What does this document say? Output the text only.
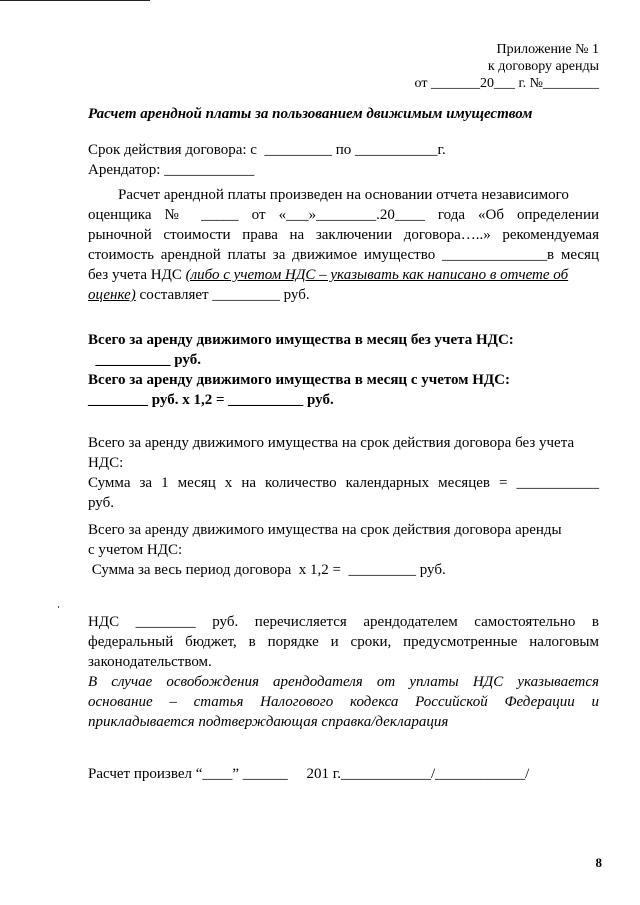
Приложение № 1
к договору аренды
от _______20___ г. №________
Расчет арендной платы за пользованием движимым имуществом
Срок действия договора: с  _________ по ___________г.
Арендатор: ____________
Расчет арендной платы произведен на основании отчета независимого
оценщика № _____ от «___»________.20____ года «Об определении
рыночной стоимости права на заключении договора…..» рекомендуемая
стоимость арендной платы за движимое имущество ______________в месяц
без учета НДС (либо с учетом НДС – указывать как написано в отчете об
оценке) составляет _________ руб.
Всего за аренду движимого имущества в месяц без учета НДС:
__________ руб.
Всего за аренду движимого имущества в месяц с учетом НДС:
________ руб. х 1,2 = __________ руб.
Всего за аренду движимого имущества на срок действия договора без учета
НДС:
Сумма за 1 месяц х на количество календарных месяцев = ___________
руб.
Всего за аренду движимого имущества на срок действия договора аренды
с учетом НДС:
Сумма за весь период договора  х 1,2 =  _________ руб.
НДС ________ руб. перечисляется арендодателем самостоятельно в
федеральный бюджет, в порядке и сроки, предусмотренные налоговым
законодательством.
В случае освобождения арендодателя от уплаты НДС указывается
основание – статья Налогового кодекса Российской Федерации и
прикладывается подтверждающая справка/декларация
Расчет произвел “____” ______     201 г.____________/____________/
8
